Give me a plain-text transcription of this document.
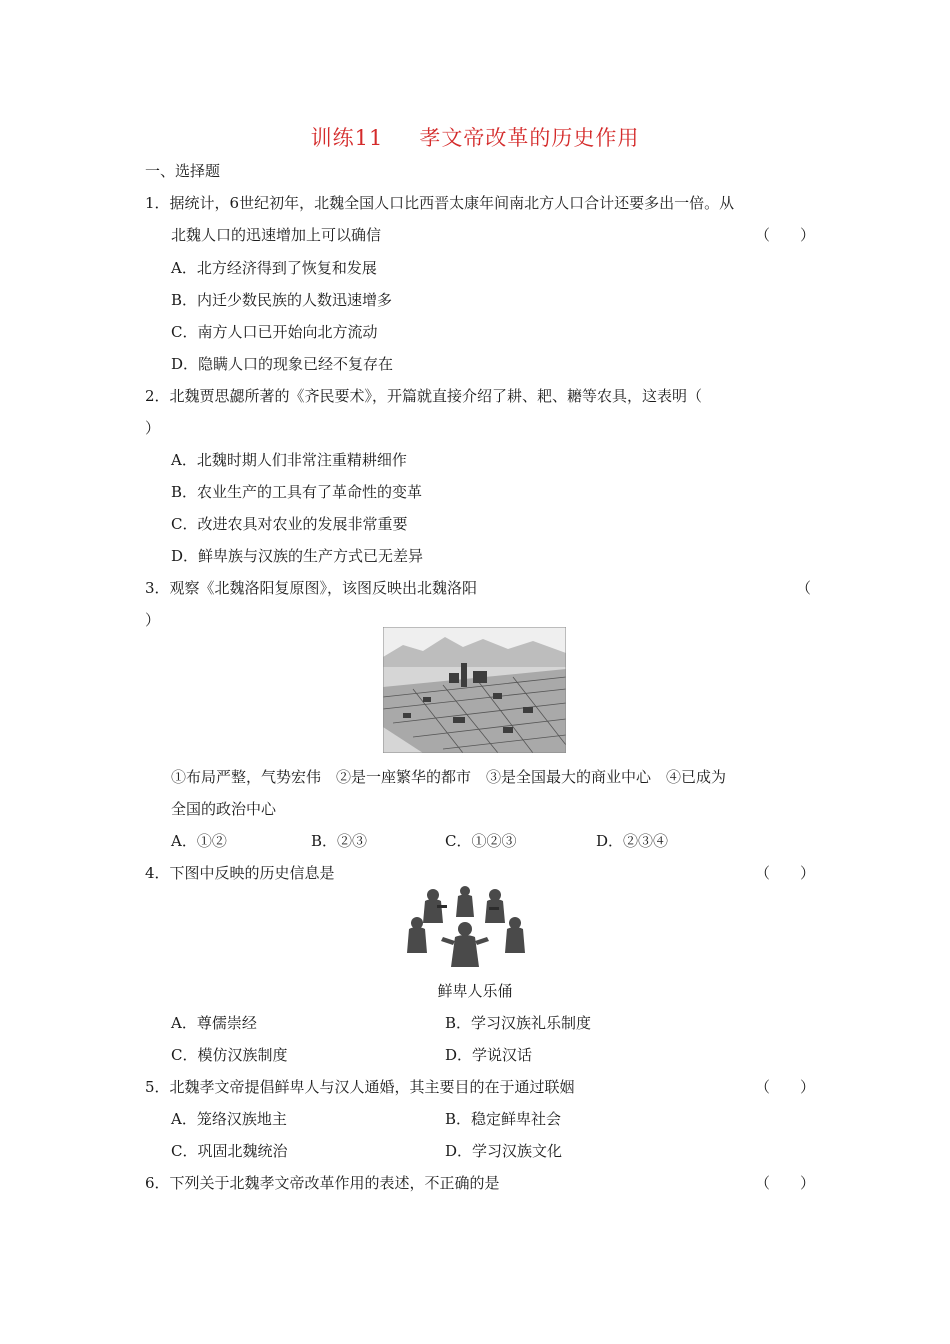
训练11 孝文帝改革的历史作用
一、选择题
1．据统计，6世纪初年，北魏全国人口比西晋太康年间南北方人口合计还要多出一倍。从
北魏人口的迅速增加上可以确信	（　　）
A．北方经济得到了恢复和发展
B．内迁少数民族的人数迅速增多
C．南方人口已开始向北方流动
D．隐瞒人口的现象已经不复存在
2．北魏贾思勰所著的《齐民要术》，开篇就直接介绍了耕、耙、耱等农具，这表明（
）
A．北魏时期人们非常注重精耕细作
B．农业生产的工具有了革命性的变革
C．改进农具对农业的发展非常重要
D．鲜卑族与汉族的生产方式已无差异
3．观察《北魏洛阳复原图》，该图反映出北魏洛阳	（
）
①布局严整，气势宏伟　②是一座繁华的都市　③是全国最大的商业中心　④已成为
全国的政治中心
A．①②	B．②③	C．①②③	D．②③④
4．下图中反映的历史信息是	（　　）
鲜卑人乐俑
A．尊儒崇经	B．学习汉族礼乐制度
C．模仿汉族制度	D．学说汉话
5．北魏孝文帝提倡鲜卑人与汉人通婚，其主要目的在于通过联姻	（　　）
A．笼络汉族地主	B．稳定鲜卑社会
C．巩固北魏统治	D．学习汉族文化
6．下列关于北魏孝文帝改革作用的表述，不正确的是	（　　）
